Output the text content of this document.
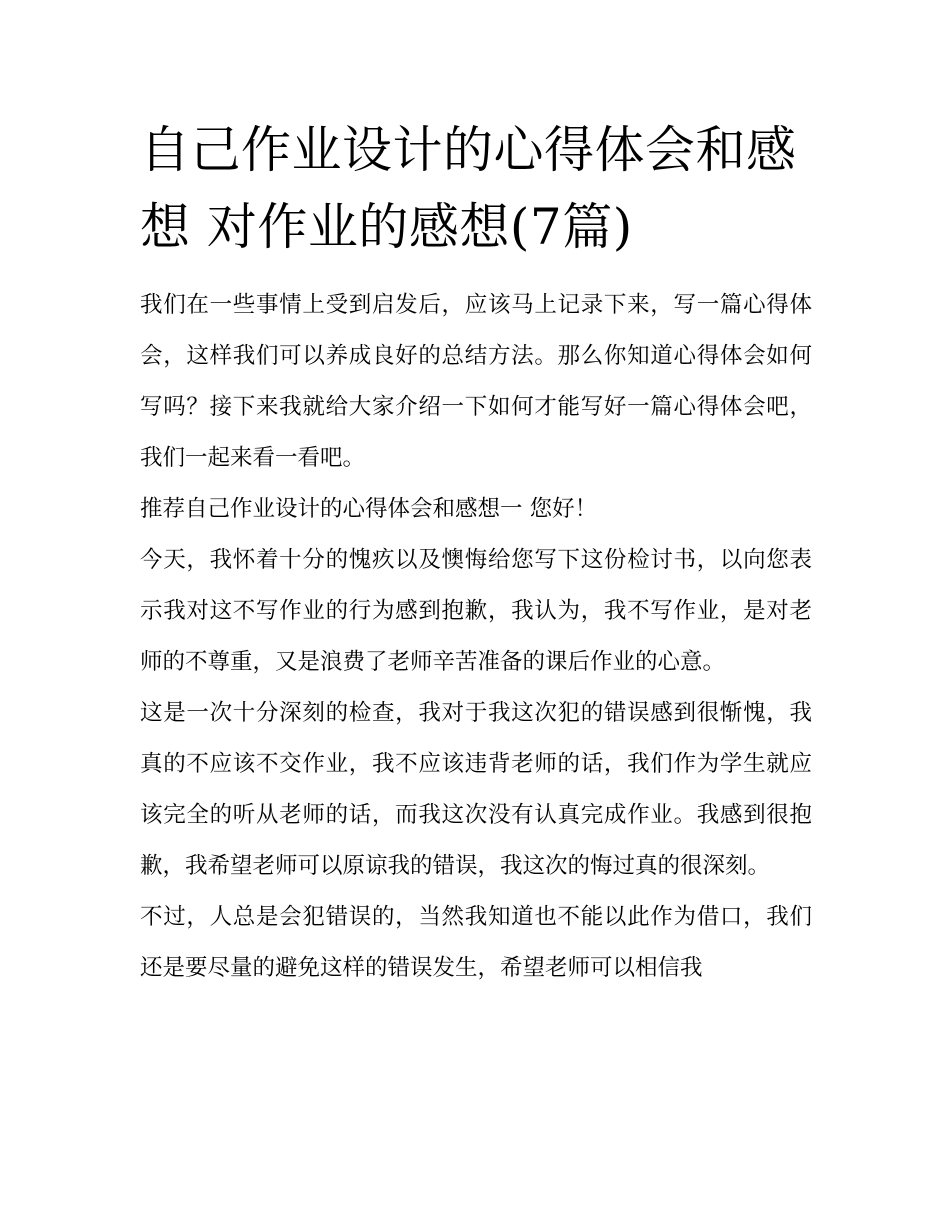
自己作业设计的心得体会和感想 对作业的感想(7篇)

我们在一些事情上受到启发后，应该马上记录下来，写一篇心得体会，这样我们可以养成良好的总结方法。那么你知道心得体会如何写吗？接下来我就给大家介绍一下如何才能写好一篇心得体会吧，我们一起来看一看吧。

推荐自己作业设计的心得体会和感想一 您好！

今天，我怀着十分的愧疚以及懊悔给您写下这份检讨书，以向您表示我对这不写作业的行为感到抱歉，我认为，我不写作业，是对老师的不尊重，又是浪费了老师辛苦准备的课后作业的心意。

这是一次十分深刻的检查，我对于我这次犯的错误感到很惭愧，我真的不应该不交作业，我不应该违背老师的话，我们作为学生就应该完全的听从老师的话，而我这次没有认真完成作业。我感到很抱歉，我希望老师可以原谅我的错误，我这次的悔过真的很深刻。

不过，人总是会犯错误的，当然我知道也不能以此作为借口，我们还是要尽量的避免这样的错误发生，希望老师可以相信我
